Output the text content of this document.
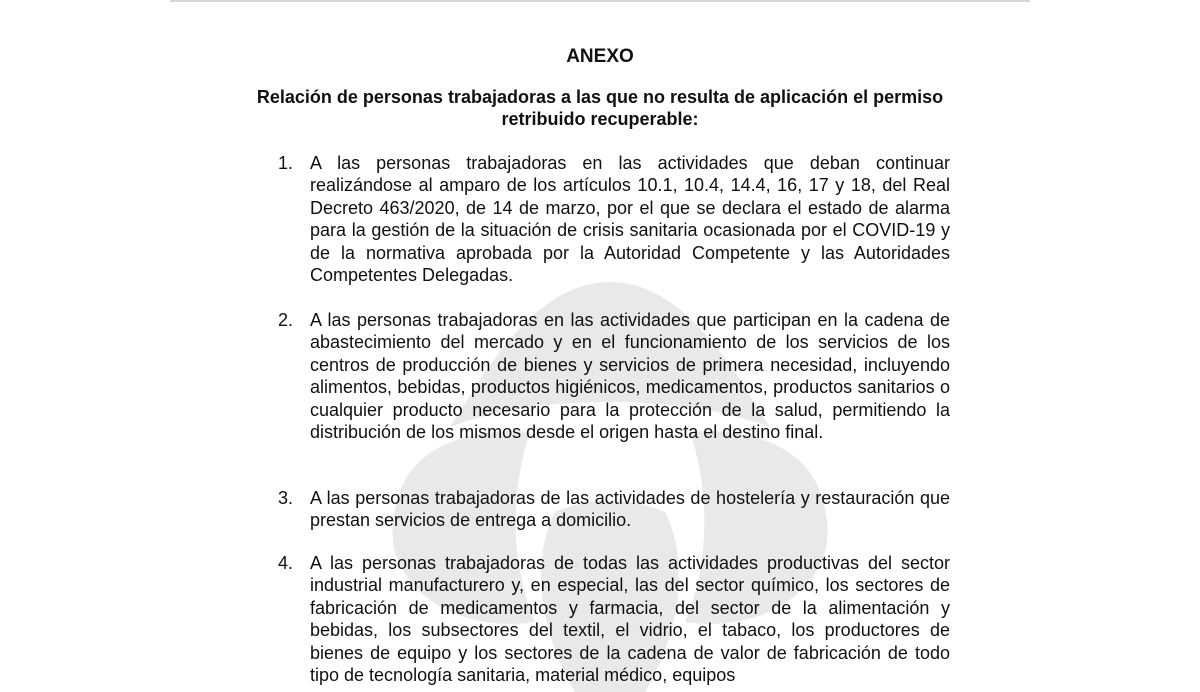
ANEXO
Relación de personas trabajadoras a las que no resulta de aplicación el permiso retribuido recuperable:
1. A las personas trabajadoras en las actividades que deban continuar realizándose al amparo de los artículos 10.1, 10.4, 14.4, 16, 17 y 18, del Real Decreto 463/2020, de 14 de marzo, por el que se declara el estado de alarma para la gestión de la situación de crisis sanitaria ocasionada por el COVID-19 y de la normativa aprobada por la Autoridad Competente y las Autoridades Competentes Delegadas.
2. A las personas trabajadoras en las actividades que participan en la cadena de abastecimiento del mercado y en el funcionamiento de los servicios de los centros de producción de bienes y servicios de primera necesidad, incluyendo alimentos, bebidas, productos higiénicos, medicamentos, productos sanitarios o cualquier producto necesario para la protección de la salud, permitiendo la distribución de los mismos desde el origen hasta el destino final.
3. A las personas trabajadoras de las actividades de hostelería y restauración que prestan servicios de entrega a domicilio.
4. A las personas trabajadoras de todas las actividades productivas del sector industrial manufacturero y, en especial, las del sector químico, los sectores de fabricación de medicamentos y farmacia, del sector de la alimentación y bebidas, los subsectores del textil, el vidrio, el tabaco, los productores de bienes de equipo y los sectores de la cadena de valor de fabricación de todo tipo de tecnología sanitaria, material médico, equipos
